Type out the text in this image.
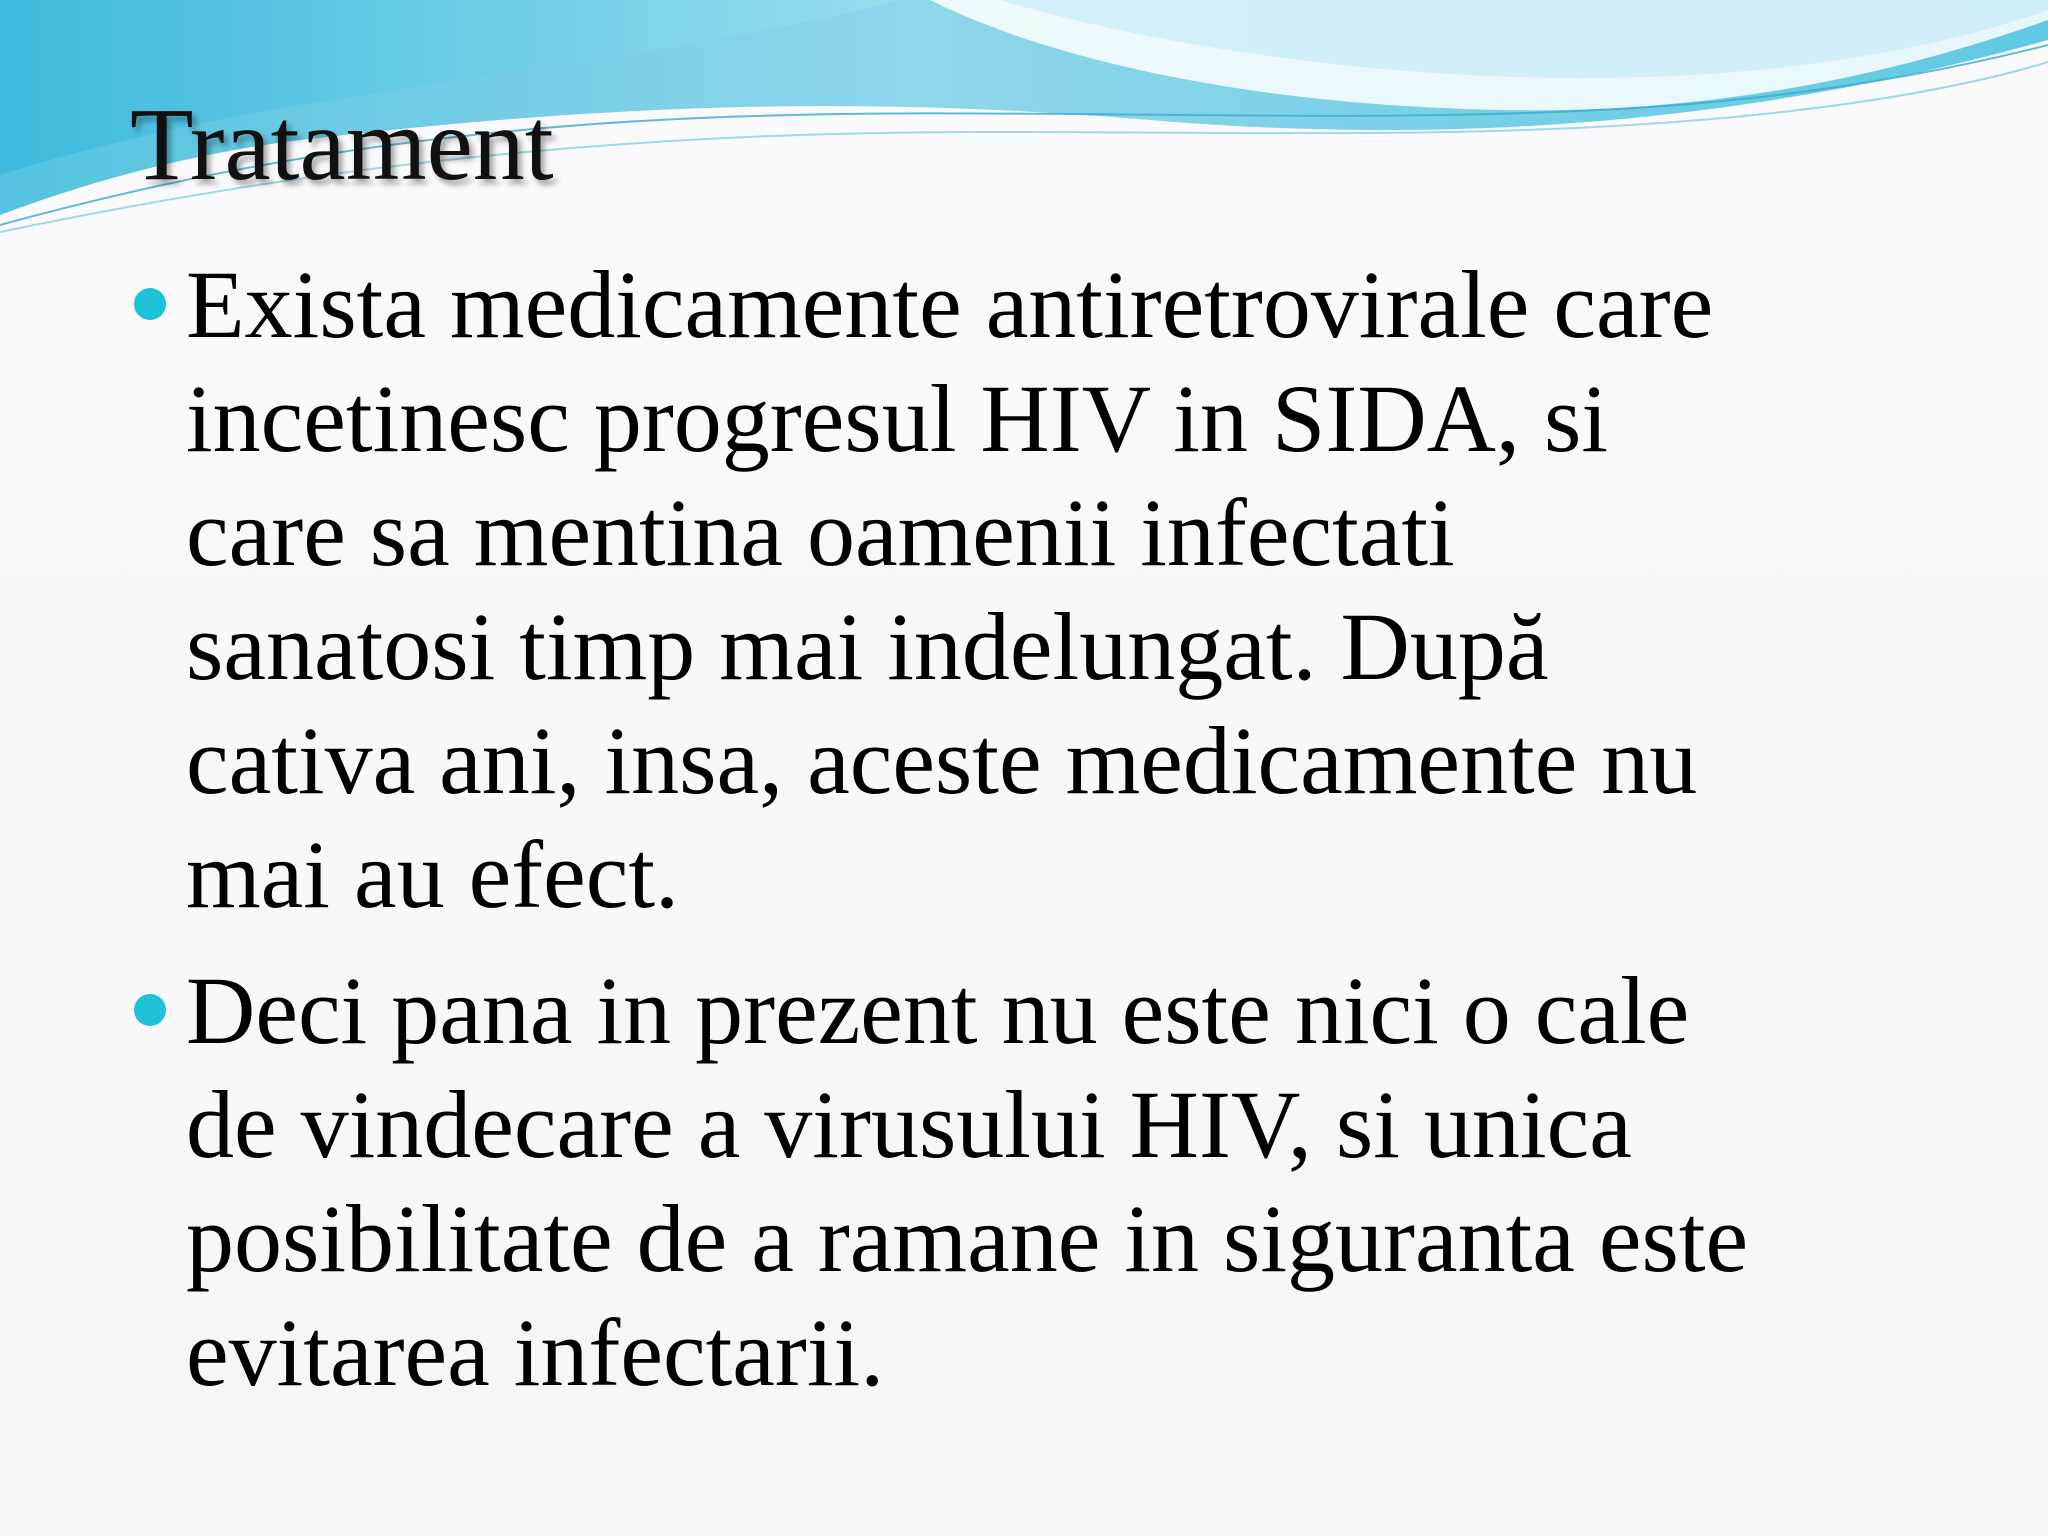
Tratament
Exista medicamente antiretrovirale care
incetinesc progresul HIV in SIDA, si
care sa mentina oamenii infectati
sanatosi timp mai indelungat. După
cativa ani, insa, aceste medicamente nu
mai au efect.
Deci pana in prezent nu este nici o cale
de vindecare a virusului HIV, si unica
posibilitate de a ramane in siguranta este
evitarea infectarii.
